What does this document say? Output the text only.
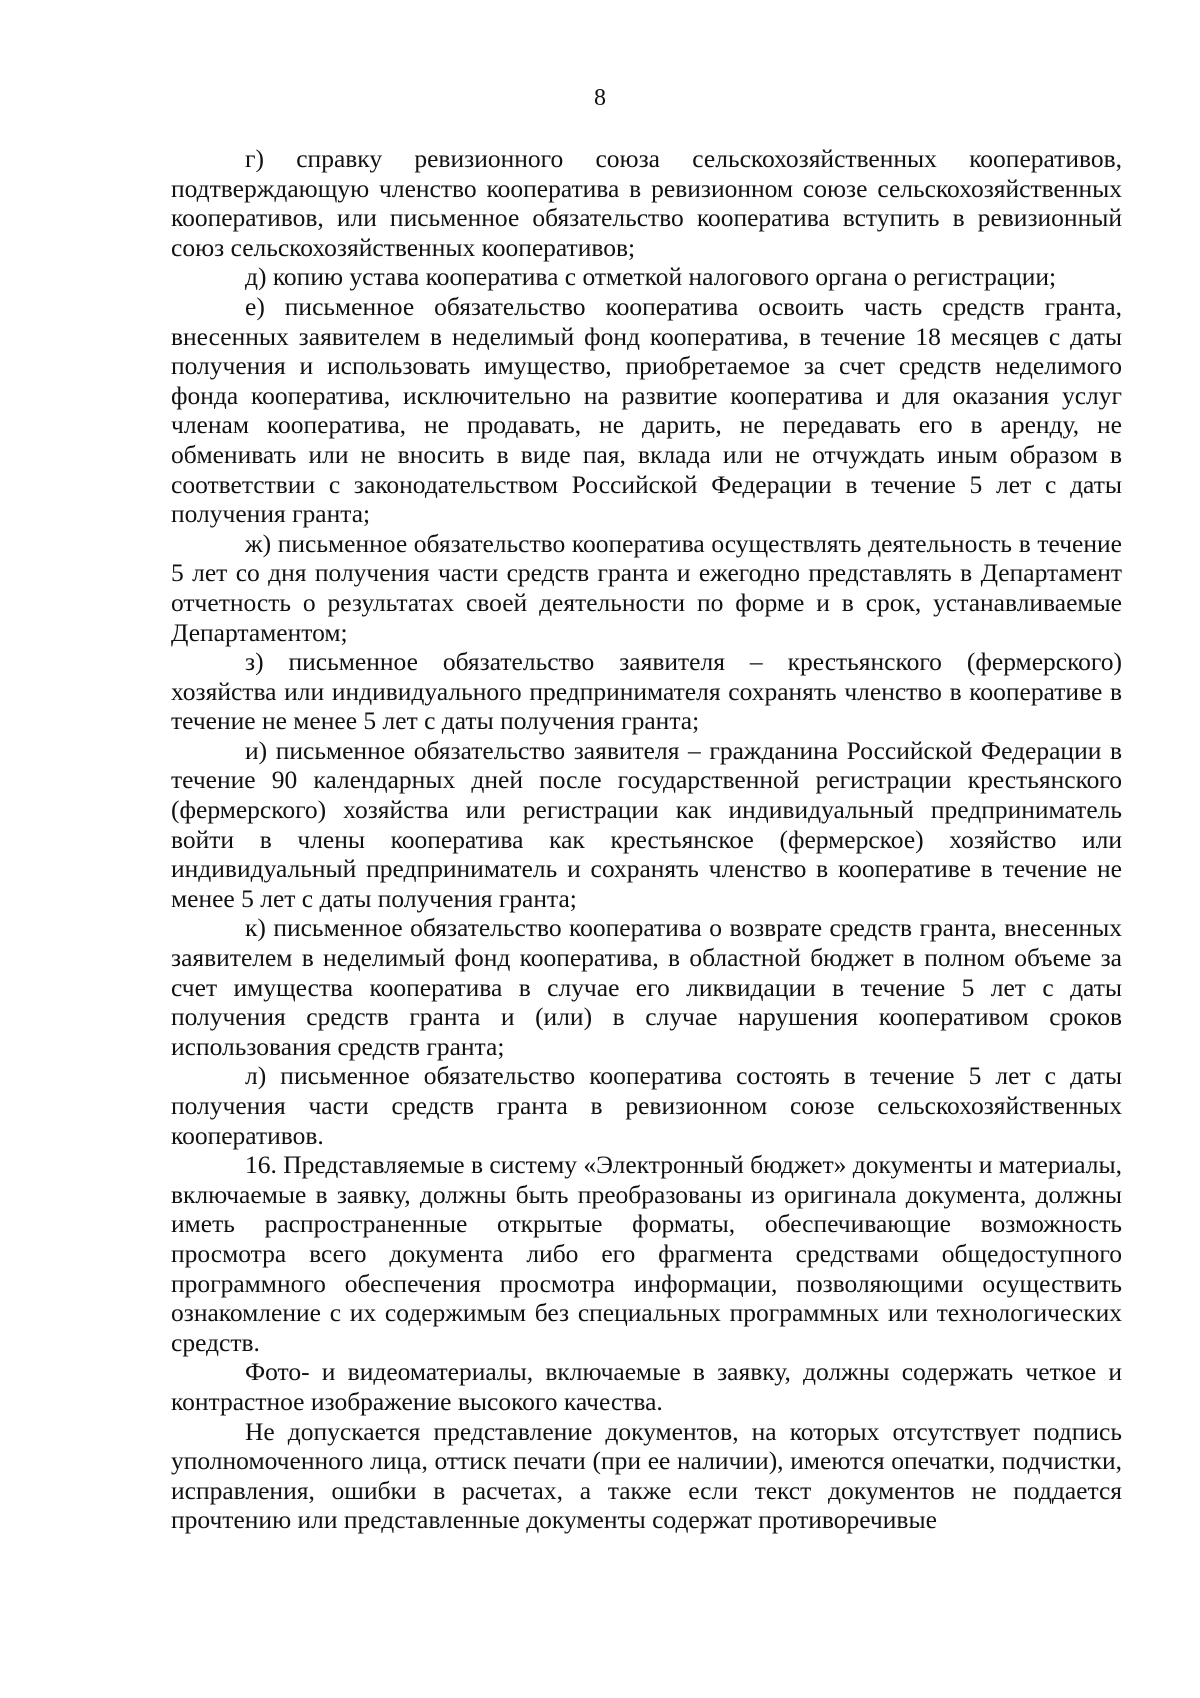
8

г) справку ревизионного союза сельскохозяйственных кооперативов, подтверждающую членство кооператива в ревизионном союзе сельскохозяйственных кооперативов, или письменное обязательство кооператива вступить в ревизионный союз сельскохозяйственных кооперативов;

д) копию устава кооператива с отметкой налогового органа о регистрации;

е) письменное обязательство кооператива освоить часть средств гранта, внесенных заявителем в неделимый фонд кооператива, в течение 18 месяцев с даты получения и использовать имущество, приобретаемое за счет средств неделимого фонда кооператива, исключительно на развитие кооператива и для оказания услуг членам кооператива, не продавать, не дарить, не передавать его в аренду, не обменивать или не вносить в виде пая, вклада или не отчуждать иным образом в соответствии с законодательством Российской Федерации в течение 5 лет с даты получения гранта;

ж) письменное обязательство кооператива осуществлять деятельность в течение 5 лет со дня получения части средств гранта и ежегодно представлять в Департамент отчетность о результатах своей деятельности по форме и в срок, устанавливаемые Департаментом;

з) письменное обязательство заявителя – крестьянского (фермерского) хозяйства или индивидуального предпринимателя сохранять членство в кооперативе в течение не менее 5 лет с даты получения гранта;

и) письменное обязательство заявителя – гражданина Российской Федерации в течение 90 календарных дней после государственной регистрации крестьянского (фермерского) хозяйства или регистрации как индивидуальный предприниматель войти в члены кооператива как крестьянское (фермерское) хозяйство или индивидуальный предприниматель и сохранять членство в кооперативе в течение не менее 5 лет с даты получения гранта;

к) письменное обязательство кооператива о возврате средств гранта, внесенных заявителем в неделимый фонд кооператива, в областной бюджет в полном объеме за счет имущества кооператива в случае его ликвидации в течение 5 лет с даты получения средств гранта и (или) в случае нарушения кооперативом сроков использования средств гранта;

л) письменное обязательство кооператива состоять в течение 5 лет с даты получения части средств гранта в ревизионном союзе сельскохозяйственных кооперативов.

16. Представляемые в систему «Электронный бюджет» документы и материалы, включаемые в заявку, должны быть преобразованы из оригинала документа, должны иметь распространенные открытые форматы, обеспечивающие возможность просмотра всего документа либо его фрагмента средствами общедоступного программного обеспечения просмотра информации, позволяющими осуществить ознакомление с их содержимым без специальных программных или технологических средств.

Фото- и видеоматериалы, включаемые в заявку, должны содержать четкое и контрастное изображение высокого качества.

Не допускается представление документов, на которых отсутствует подпись уполномоченного лица, оттиск печати (при ее наличии), имеются опечатки, подчистки, исправления, ошибки в расчетах, а также если текст документов не поддается прочтению или представленные документы содержат противоречивые
